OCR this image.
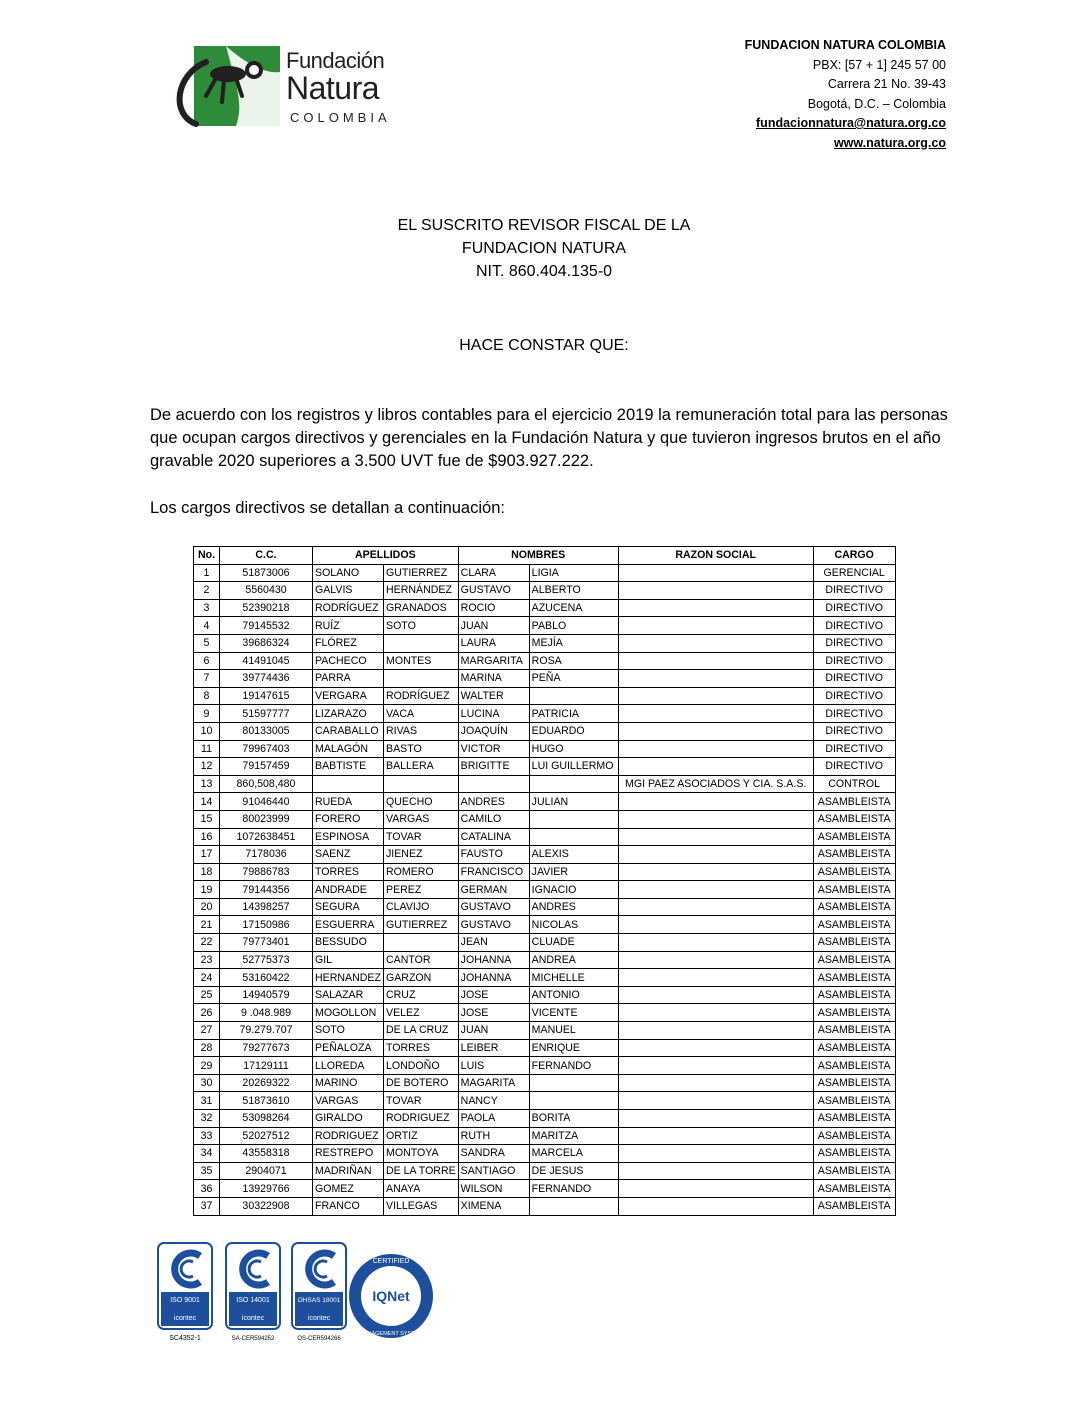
Fundación
Natura
COLOMBIA
FUNDACION NATURA COLOMBIA
PBX: [57 + 1] 245 57 00
Carrera 21 No. 39-43
Bogotá, D.C. – Colombia
fundacionnatura@natura.org.co
www.natura.org.co
EL SUSCRITO REVISOR FISCAL DE LA
FUNDACION NATURA
NIT. 860.404.135-0
HACE CONSTAR QUE:
De acuerdo con los registros y libros contables para el ejercicio 2019 la remuneración total para las personas que ocupan cargos directivos y gerenciales en la Fundación Natura y que tuvieron ingresos brutos en el año gravable 2020 superiores a 3.500 UVT fue de $903.927.222.
Los cargos directivos se detallan a continuación:
No.	C.C.	APELLIDOS		NOMBRES		RAZON SOCIAL	CARGO
1	51873006	SOLANO	GUTIERREZ	CLARA	LIGIA		GERENCIAL
2	5560430	GALVIS	HERNÁNDEZ	GUSTAVO	ALBERTO		DIRECTIVO
3	52390218	RODRÍGUEZ	GRANADOS	ROCIO	AZUCENA		DIRECTIVO
4	79145532	RUÍZ	SOTO	JUAN	PABLO		DIRECTIVO
5	39686324	FLÓREZ		LAURA	MEJÍA		DIRECTIVO
6	41491045	PACHECO	MONTES	MARGARITA	ROSA		DIRECTIVO
7	39774436	PARRA		MARINA	PEÑA		DIRECTIVO
8	19147615	VERGARA	RODRÍGUEZ	WALTER			DIRECTIVO
9	51597777	LIZARAZO	VACA	LUCINA	PATRICIA		DIRECTIVO
10	80133005	CARABALLO	RIVAS	JOAQUÍN	EDUARDO		DIRECTIVO
11	79967403	MALAGÓN	BASTO	VICTOR	HUGO		DIRECTIVO
12	79157459	BABTISTE	BALLERA	BRIGITTE	LUI GUILLERMO		DIRECTIVO
13	860,508,480					MGI PAEZ ASOCIADOS Y CIA. S.A.S.	CONTROL
14	91046440	RUEDA	QUECHO	ANDRES	JULIAN		ASAMBLEISTA
15	80023999	FORERO	VARGAS	CAMILO			ASAMBLEISTA
16	1072638451	ESPINOSA	TOVAR	CATALINA			ASAMBLEISTA
17	7178036	SAENZ	JIENEZ	FAUSTO	ALEXIS		ASAMBLEISTA
18	79886783	TORRES	ROMERO	FRANCISCO	JAVIER		ASAMBLEISTA
19	79144356	ANDRADE	PEREZ	GERMAN	IGNACIO		ASAMBLEISTA
20	14398257	SEGURA	CLAVIJO	GUSTAVO	ANDRES		ASAMBLEISTA
21	17150986	ESGUERRA	GUTIERREZ	GUSTAVO	NICOLAS		ASAMBLEISTA
22	79773401	BESSUDO		JEAN	CLUADE		ASAMBLEISTA
23	52775373	GIL	CANTOR	JOHANNA	ANDREA		ASAMBLEISTA
24	53160422	HERNANDEZ	GARZON	JOHANNA	MICHELLE		ASAMBLEISTA
25	14940579	SALAZAR	CRUZ	JOSE	ANTONIO		ASAMBLEISTA
26	9 .048.989	MOGOLLON	VELEZ	JOSE	VICENTE		ASAMBLEISTA
27	79.279.707	SOTO	DE LA CRUZ	JUAN	MANUEL		ASAMBLEISTA
28	79277673	PEÑALOZA	TORRES	LEIBER	ENRIQUE		ASAMBLEISTA
29	17129111	LLOREDA	LONDOÑO	LUIS	FERNANDO		ASAMBLEISTA
30	20269322	MARINO	DE BOTERO	MAGARITA			ASAMBLEISTA
31	51873610	VARGAS	TOVAR	NANCY			ASAMBLEISTA
32	53098264	GIRALDO	RODRIGUEZ	PAOLA	BORITA		ASAMBLEISTA
33	52027512	RODRIGUEZ	ORTIZ	RUTH	MARITZA		ASAMBLEISTA
34	43558318	RESTREPO	MONTOYA	SANDRA	MARCELA		ASAMBLEISTA
35	2904071	MADRIÑAN	DE LA TORRE	SANTIAGO	DE JESUS		ASAMBLEISTA
36	13929766	GOMEZ	ANAYA	WILSON	FERNANDO		ASAMBLEISTA
37	30322908	FRANCO	VILLEGAS	XIMENA			ASAMBLEISTA
ISO 9001
icontec
SC4352-1
ISO 14001
icontec
SA-CER594252
OHSAS 18001
icontec
OS-CER594266
CERTIFIED
MANAGEMENT SYSTEM
IQNet
